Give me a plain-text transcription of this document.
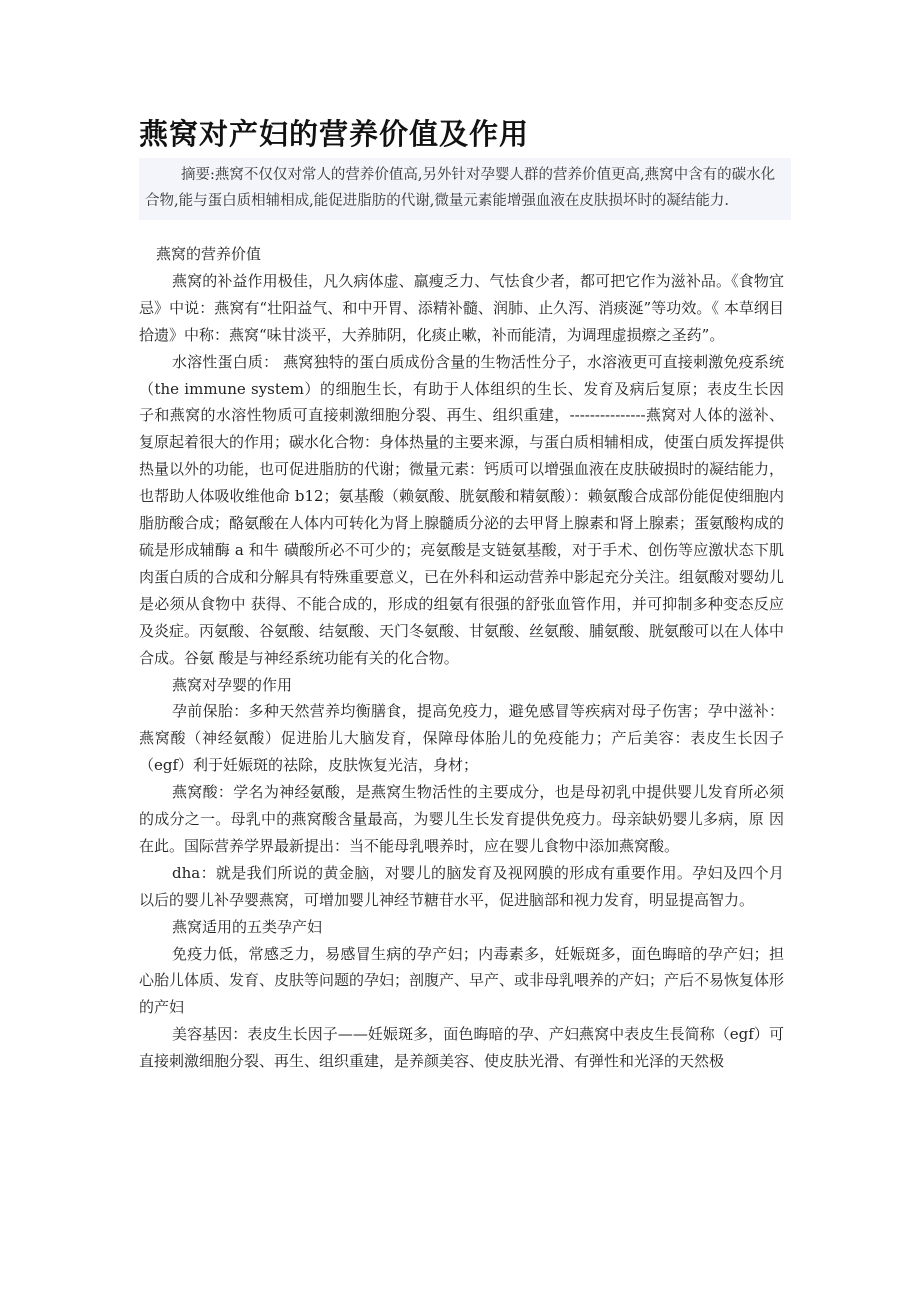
燕窝对产妇的营养价值及作用
摘要:燕窝不仅仅对常人的营养价值高,另外针对孕婴人群的营养价值更高,燕窝中含有的碳水化合物,能与蛋白质相辅相成,能促进脂肪的代谢,微量元素能增强血液在皮肤损坏时的凝结能力.

燕窝的营养价值

燕窝的补益作用极佳，凡久病体虚、羸瘦乏力、气怯食少者，都可把它作为滋补品。《食物宜忌》中说：燕窝有“壮阳益气、和中开胃、添精补髓、润肺、止久泻、消痰涎”等功效。《 本草纲目拾遗》中称：燕窝“味甘淡平，大养肺阴，化痰止嗽，补而能清，为调理虚损瘵之圣药”。

水溶性蛋白质： 燕窝独特的蛋白质成份含量的生物活性分子，水溶液更可直接刺激免疫系统（the immune system）的细胞生长，有助于人体组织的生长、发育及病后复原；表皮生长因 子和燕窝的水溶性物质可直接刺激细胞分裂、再生、组织重建，---------------燕窝对人体的滋补、复原起着很大的作用；碳水化合物：身体热量的主要来源，与蛋白质相辅相成，使蛋白质发挥提供热量以外的功能，也可促进脂肪的代谢；微量元素：钙质可以增强血液在皮肤破损时的凝结能力，也帮助人体吸收维他命 b12；氨基酸（赖氨酸、胱氨酸和精氨酸）：赖氨酸合成部份能促使细胞内脂肪酸合成；酪氨酸在人体内可转化为肾上腺髓质分泌的去甲肾上腺素和肾上腺素；蛋氨酸构成的硫是形成辅酶 a 和牛 磺酸所必不可少的；亮氨酸是支链氨基酸，对于手术、创伤等应激状态下肌肉蛋白质的合成和分解具有特殊重要意义，已在外科和运动营养中影起充分关注。组氨酸对婴幼儿是必须从食物中 获得、不能合成的，形成的组氨有很强的舒张血管作用，并可抑制多种变态反应及炎症。丙氨酸、谷氨酸、结氨酸、天门冬氨酸、甘氨酸、丝氨酸、脯氨酸、胱氨酸可以在人体中合成。谷氨 酸是与神经系统功能有关的化合物。

燕窝对孕婴的作用

孕前保胎：多种天然营养均衡膳食，提高免疫力，避免感冒等疾病对母子伤害；孕中滋补：燕窝酸（神经氨酸）促进胎儿大脑发育，保障母体胎儿的免疫能力；产后美容：表皮生长因子（egf）利于妊娠斑的祛除，皮肤恢复光洁，身材；

燕窝酸：学名为神经氨酸，是燕窝生物活性的主要成分，也是母初乳中提供婴儿发育所必须的成分之一。母乳中的燕窝酸含量最高，为婴儿生长发育提供免疫力。母亲缺奶婴儿多病，原 因在此。国际营养学界最新提出：当不能母乳喂养时，应在婴儿食物中添加燕窝酸。

dha：就是我们所说的黄金脑，对婴儿的脑发育及视网膜的形成有重要作用。孕妇及四个月以后的婴儿补孕婴燕窝，可增加婴儿神经节糖苷水平，促进脑部和视力发育，明显提高智力。

燕窝适用的五类孕产妇

免疫力低，常感乏力，易感冒生病的孕产妇；内毒素多，妊娠斑多，面色晦暗的孕产妇；担心胎儿体质、发育、皮肤等问题的孕妇；剖腹产、早产、或非母乳喂养的产妇；产后不易恢复体形的产妇

美容基因：表皮生长因子——妊娠斑多，面色晦暗的孕、产妇燕窝中表皮生長简称（egf）可直接刺激细胞分裂、再生、组织重建，是养颜美容、使皮肤光滑、有弹性和光泽的天然极
